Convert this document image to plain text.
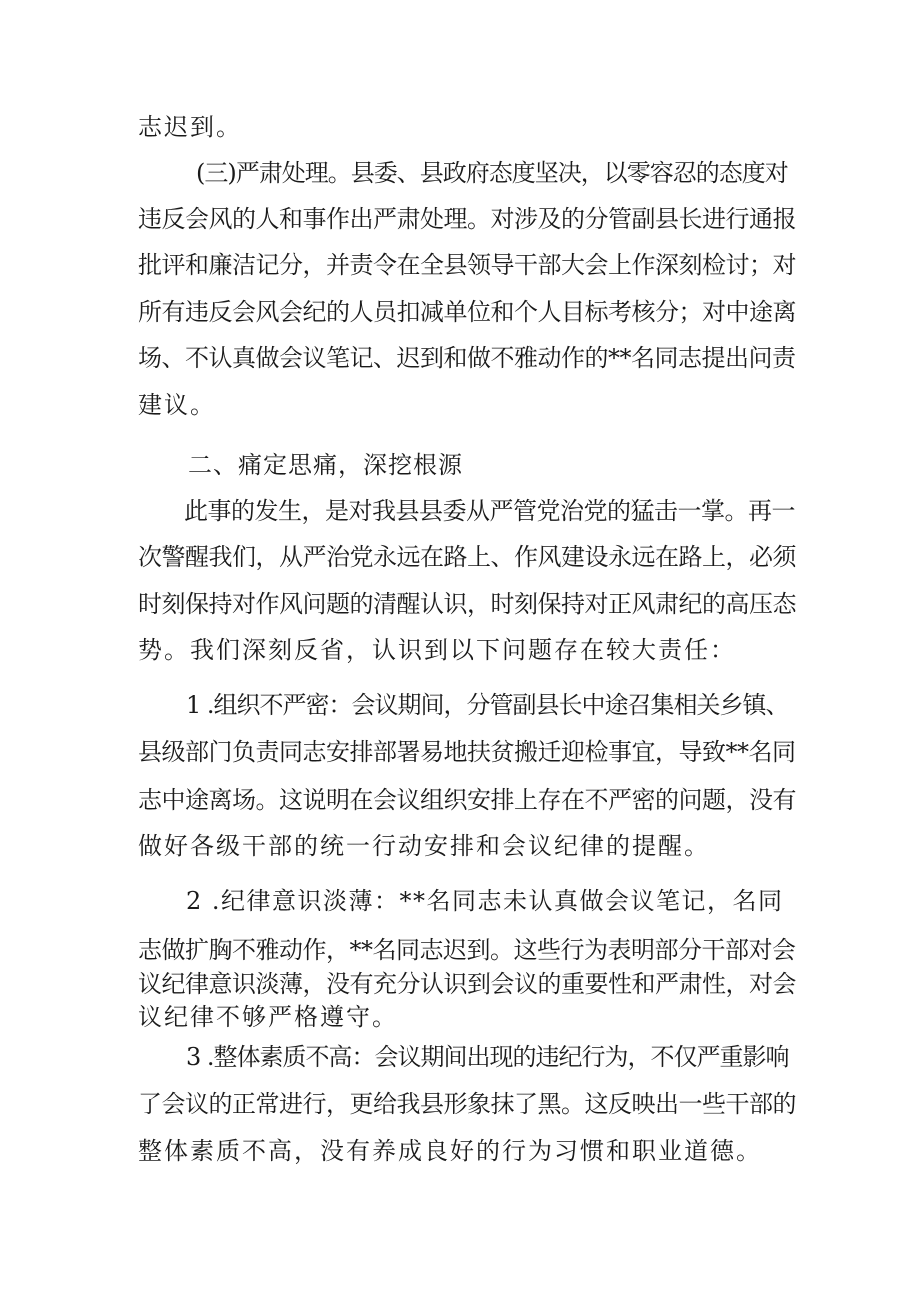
志迟到。
(三)严肃处理。县委、县政府态度坚决，以零容忍的态度对
违反会风的人和事作出严肃处理。对涉及的分管副县长进行通报
批评和廉洁记分，并责令在全县领导干部大会上作深刻检讨；对
所有违反会风会纪的人员扣减单位和个人目标考核分；对中途离
场、不认真做会议笔记、迟到和做不雅动作的**名同志提出问责
建议。
二、痛定思痛，深挖根源
此事的发生，是对我县县委从严管党治党的猛击一掌。再一
次警醒我们，从严治党永远在路上、作风建设永远在路上，必须
时刻保持对作风问题的清醒认识，时刻保持对正风肃纪的高压态
势。我们深刻反省，认识到以下问题存在较大责任：
1 .组织不严密：会议期间，分管副县长中途召集相关乡镇、
县级部门负责同志安排部署易地扶贫搬迁迎检事宜，导致**名同
志中途离场。这说明在会议组织安排上存在不严密的问题，没有
做好各级干部的统一行动安排和会议纪律的提醒。
2 .纪律意识淡薄：**名同志未认真做会议笔记，名同
志做扩胸不雅动作，**名同志迟到。这些行为表明部分干部对会
议纪律意识淡薄，没有充分认识到会议的重要性和严肃性，对会
议纪律不够严格遵守。
3 .整体素质不高：会议期间出现的违纪行为，不仅严重影响
了会议的正常进行，更给我县形象抹了黑。这反映出一些干部的
整体素质不高，没有养成良好的行为习惯和职业道德。
